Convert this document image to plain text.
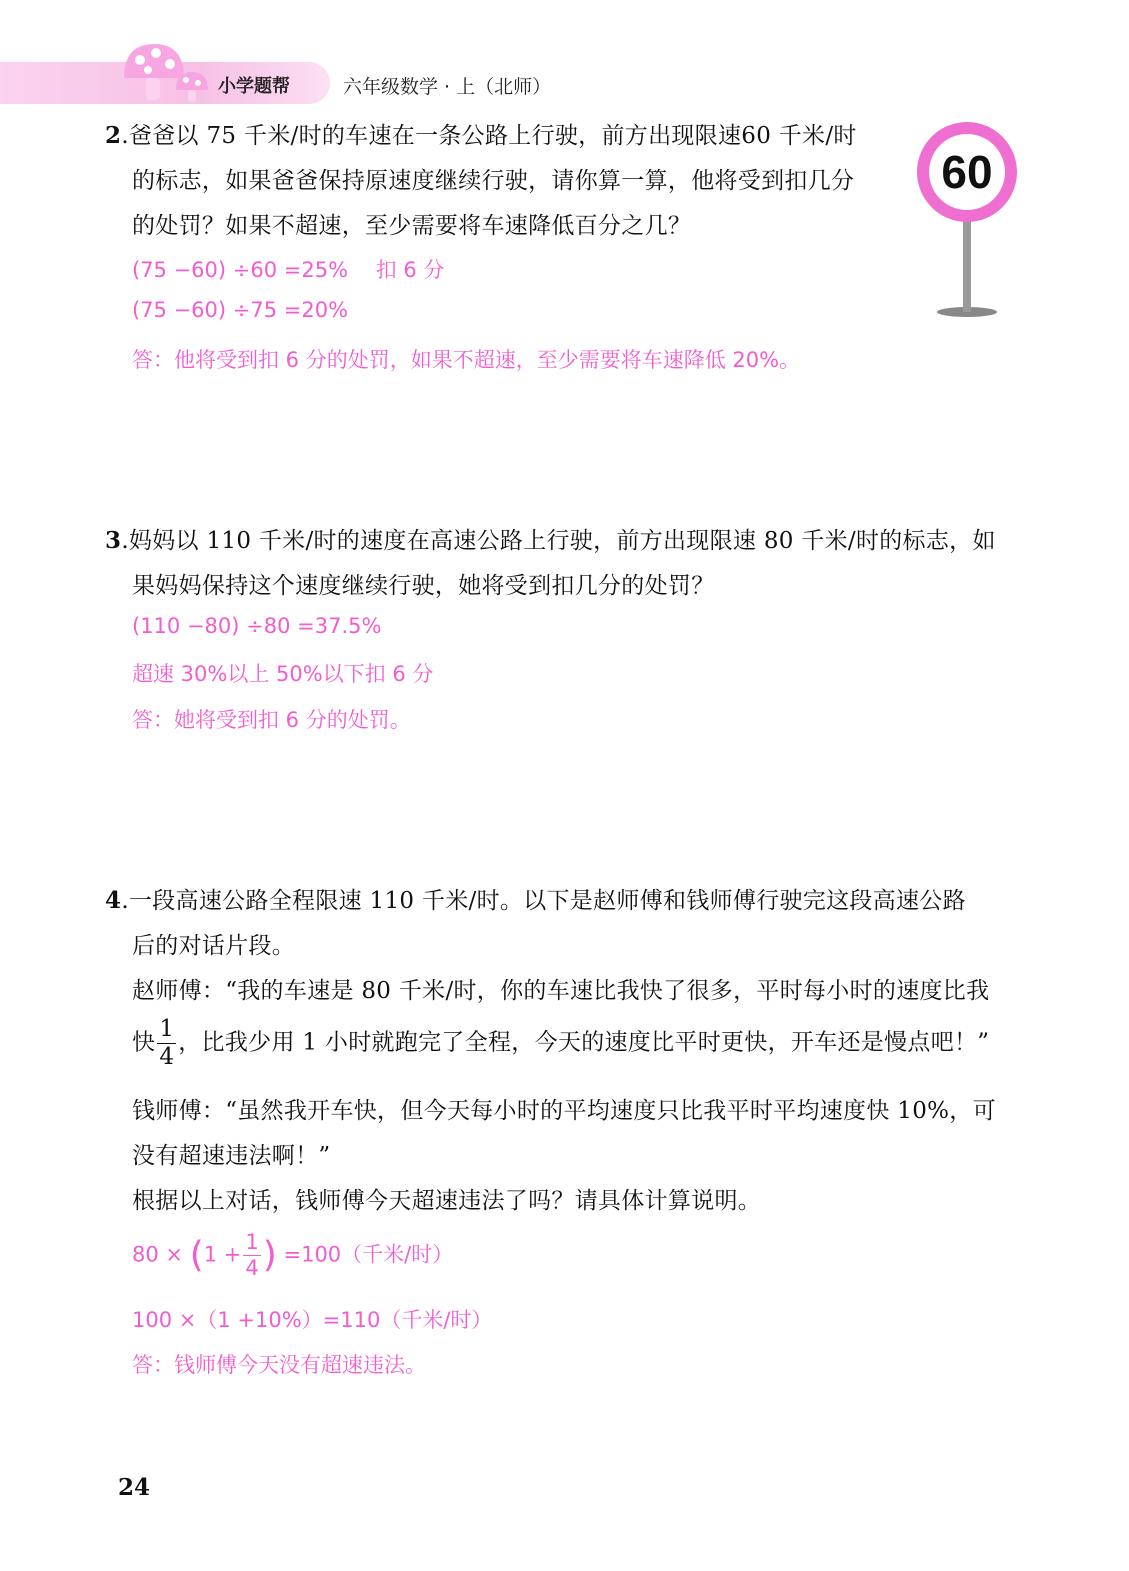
小学题帮	六年级数学 · 上（北师）
60
2.爸爸以 75 千米/时的车速在一条公路上行驶，前方出现限速60 千米/时
的标志，如果爸爸保持原速度继续行驶，请你算一算，他将受到扣几分
的处罚？如果不超速，至少需要将车速降低百分之几？
(75 −60) ÷60 =25%　 扣 6 分
(75 −60) ÷75 =20%
答：他将受到扣 6 分的处罚，如果不超速，至少需要将车速降低 20%。
3.妈妈以 110 千米/时的速度在高速公路上行驶，前方出现限速 80 千米/时的标志，如
果妈妈保持这个速度继续行驶，她将受到扣几分的处罚？
(110 −80) ÷80 =37.5%
超速 30%以上 50%以下扣 6 分
答：她将受到扣 6 分的处罚。
4.一段高速公路全程限速 110 千米/时。以下是赵师傅和钱师傅行驶完这段高速公路
后的对话片段。
赵师傅：“我的车速是 80 千米/时，你的车速比我快了很多，平时每小时的速度比我
快 $\frac{1}{4}$ ，比我少用 1 小时就跑完了全程，今天的速度比平时更快，开车还是慢点吧！”
钱师傅：“虽然我开车快，但今天每小时的平均速度只比我平时平均速度快 10%，可
没有超速违法啊！”
根据以上对话，钱师傅今天超速违法了吗？请具体计算说明。
$80 \times (1 + \frac{1}{4}$ ) =100（千米/时）
100 ×（1 +10%）=110（千米/时）
答：钱师傅今天没有超速违法。
24
